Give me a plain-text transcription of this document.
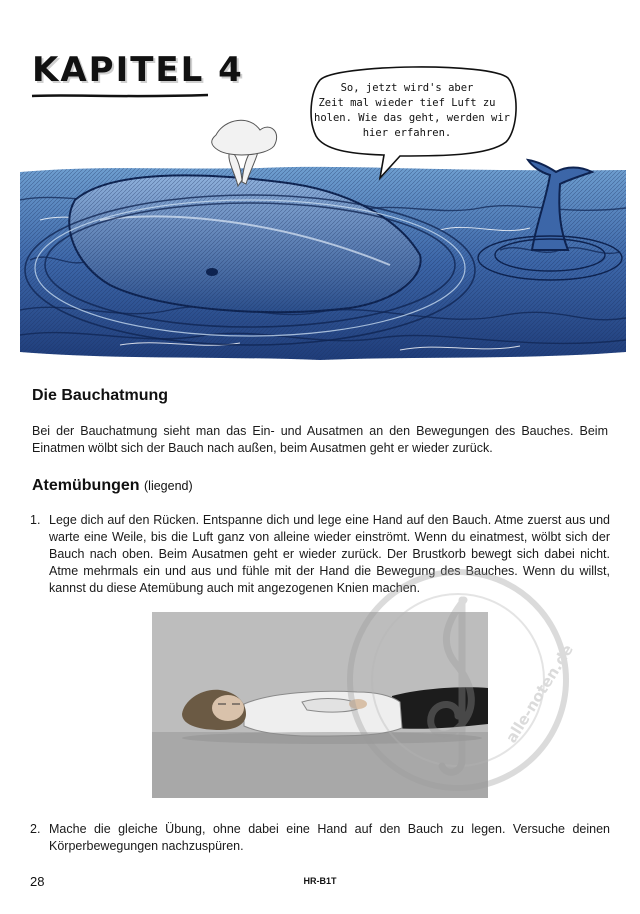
So, jetzt wird's aber
Zeit mal wieder tief Luft zu
holen. Wie das geht, werden wir
hier erfahren.
KAPITEL 4
Die Bauchatmung
Bei der Bauchatmung sieht man das Ein- und Ausatmen an den Bewegungen des Bauches. Beim Einatmen wölbt sich der Bauch nach außen, beim Ausatmen geht er wieder zurück.
Atemübungen (liegend)
1. Lege dich auf den Rücken. Entspanne dich und lege eine Hand auf den Bauch. Atme zuerst aus und warte eine Weile, bis die Luft ganz von alleine wieder einströmt. Wenn du einatmest, wölbt sich der Bauch nach oben. Beim Ausatmen geht er wieder zurück. Der Brustkorb bewegt sich dabei nicht. Atme mehrmals ein und aus und fühle mit der Hand die Bewegung des Bauches. Wenn du willst, kannst du diese Atemübung auch mit angezogenen Knien machen.
alle-noten.de
2. Mache die gleiche Übung, ohne dabei eine Hand auf den Bauch zu legen. Versuche deinen Körperbewegungen nachzuspüren.
28	HR-B1T
